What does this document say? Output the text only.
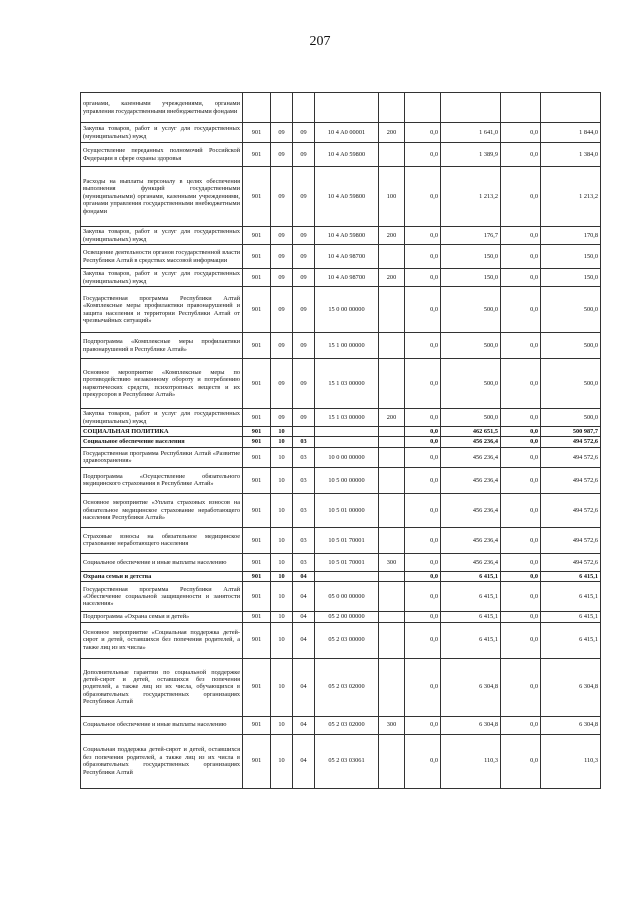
207
органами, казенными учреждениями, органами управления государственными внебюджетными фондами									
Закупка товаров, работ и услуг для государственных (муниципальных) нужд	901	09	09	10 4 A0 00001	200	0,0	1 641,0	0,0	1 844,0
Осуществление переданных полномочий Российской Федерации в сфере охраны здоровья	901	09	09	10 4 A0 59800		0,0	1 389,9	0,0	1 384,0
Расходы на выплаты персоналу в целях обеспечения выполнения функций государственными (муниципальными) органами, казенными учреждениями, органами управления государственными внебюджетными фондами	901	09	09	10 4 A0 59800	100	0,0	1 213,2	0,0	1 213,2
Закупка товаров, работ и услуг для государственных (муниципальных) нужд	901	09	09	10 4 A0 59800	200	0,0	176,7	0,0	170,8
Освещение деятельности органов государственной власти Республики Алтай в средствах массовой информации	901	09	09	10 4 A0 98700		0,0	150,0	0,0	150,0
Закупка товаров, работ и услуг для государственных (муниципальных) нужд	901	09	09	10 4 A0 98700	200	0,0	150,0	0,0	150,0
Государственная программа Республики Алтай «Комплексные меры профилактики правонарушений и защита населения и территории Республики Алтай от чрезвычайных ситуаций»	901	09	09	15 0 00 00000		0,0	500,0	0,0	500,0
Подпрограмма «Комплексные меры профилактики правонарушений в Республике Алтай»	901	09	09	15 1 00 00000		0,0	500,0	0,0	500,0
Основное мероприятие «Комплексные меры по противодействию незаконному обороту и потреблению наркотических средств, психотропных веществ и их прекурсоров в Республике Алтай»	901	09	09	15 1 03 00000		0,0	500,0	0,0	500,0
Закупка товаров, работ и услуг для государственных (муниципальных) нужд	901	09	09	15 1 03 00000	200	0,0	500,0	0,0	500,0
СОЦИАЛЬНАЯ ПОЛИТИКА	901	10				0,0	462 651,5	0,0	500 987,7
Социальное обеспечение населения	901	10	03			0,0	456 236,4	0,0	494 572,6
Государственная программа Республики Алтай «Развитие здравоохранения»	901	10	03	10 0 00 00000		0,0	456 236,4	0,0	494 572,6
Подпрограмма «Осуществление обязательного медицинского страхования в Республике Алтай»	901	10	03	10 5 00 00000		0,0	456 236,4	0,0	494 572,6
Основное мероприятие «Уплата страховых взносов на обязательное медицинское страхование неработающего населения Республики Алтай»	901	10	03	10 5 01 00000		0,0	456 236,4	0,0	494 572,6
Страховые взносы на обязательное медицинское страхование неработающего населения	901	10	03	10 5 01 70001		0,0	456 236,4	0,0	494 572,6
Социальное обеспечение и иные выплаты населению	901	10	03	10 5 01 70001	300	0,0	456 236,4	0,0	494 572,6
Охрана семьи и детства	901	10	04			0,0	6 415,1	0,0	6 415,1
Государственная программа Республики Алтай «Обеспечение социальной защищенности и занятости населения»	901	10	04	05 0 00 00000		0,0	6 415,1	0,0	6 415,1
Подпрограмма «Охрана семьи и детей»	901	10	04	05 2 00 00000		0,0	6 415,1	0,0	6 415,1
Основное мероприятие «Социальная поддержка детей-сирот и детей, оставшихся без попечения родителей, а также лиц из их числа»	901	10	04	05 2 03 00000		0,0	6 415,1	0,0	6 415,1
Дополнительные гарантии по социальной поддержке детей-сирот и детей, оставшихся без попечения родителей, а также лиц из их числа, обучающихся в образовательных государственных организациях Республики Алтай	901	10	04	05 2 03 02000		0,0	6 304,8	0,0	6 304,8
Социальное обеспечение и иные выплаты населению	901	10	04	05 2 03 02000	300	0,0	6 304,8	0,0	6 304,8
Социальная поддержка детей-сирот и детей, оставшихся без попечения родителей, а также лиц из их числа в образовательных государственных организациях Республики Алтай	901	10	04	05 2 03 03061		0,0	110,3	0,0	110,3
